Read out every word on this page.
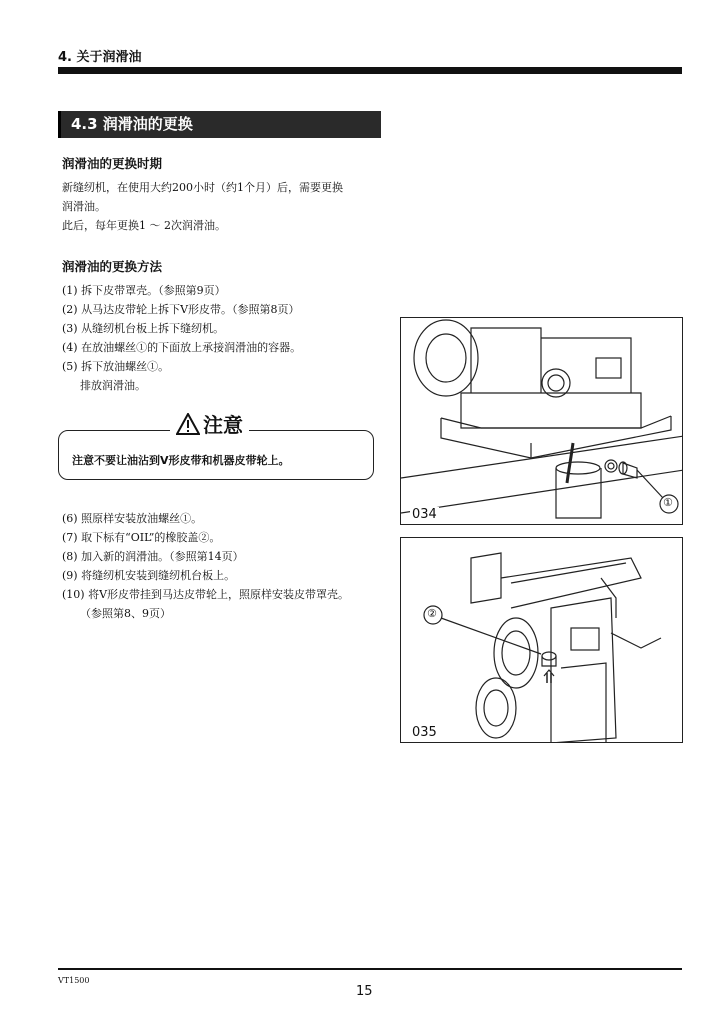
4. 关于润滑油
4.3 润滑油的更换
润滑油的更换时期
新缝纫机，在使用大约200小时（约1个月）后，需要更换
润滑油。
此后，每年更换1 ～ 2次润滑油。
润滑油的更换方法
(1) 拆下皮带罩壳。（参照第9页）
(2) 从马达皮带轮上拆下V形皮带。（参照第8页）
(3) 从缝纫机台板上拆下缝纫机。
(4) 在放油螺丝①的下面放上承接润滑油的容器。
(5) 拆下放油螺丝①。
排放润滑油。
注意
注意不要让油沾到V形皮带和机器皮带轮上。
(6) 照原样安装放油螺丝①。
(7) 取下标有“OIL”的橡胶盖②。
(8) 加入新的润滑油。（参照第14页）
(9) 将缝纫机安装到缝纫机台板上。
(10) 将V形皮带挂到马达皮带轮上，照原样安装皮带罩壳。
（参照第8、9页）
①
034
②
035
VT1500
15
